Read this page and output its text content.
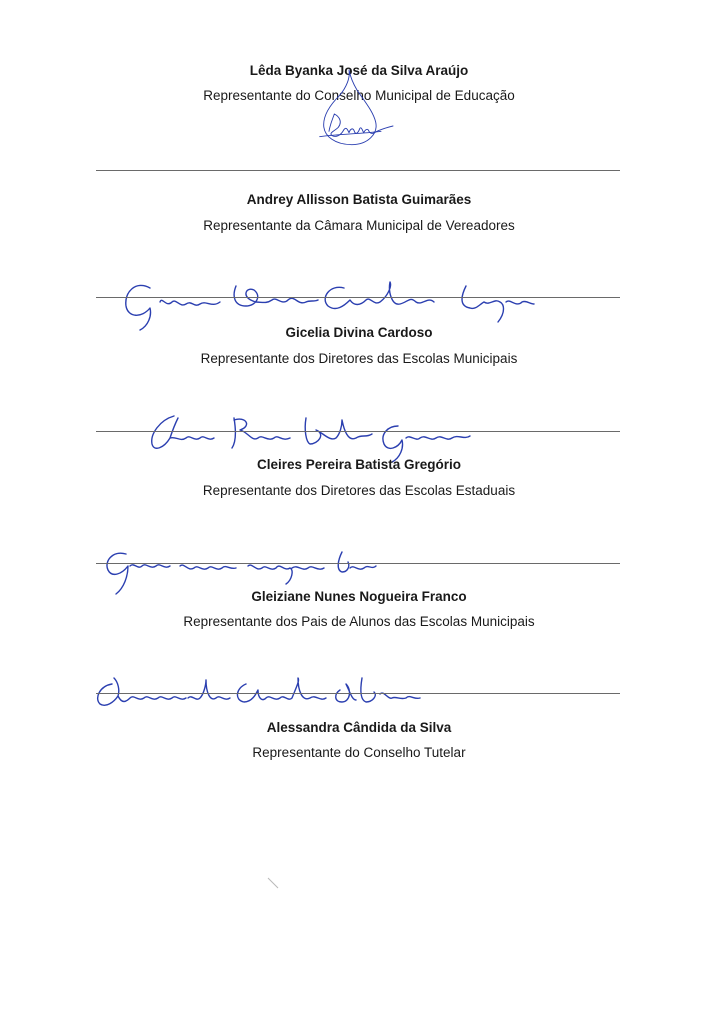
Lêda Byanka José da Silva Araújo
Representante do Conselho Municipal de Educação
Andrey Allisson Batista Guimarães
Representante da Câmara Municipal de Vereadores
Gicelia Divina Cardoso
Representante dos Diretores das Escolas Municipais
Cleires Pereira Batista Gregório
Representante dos Diretores das Escolas Estaduais
Gleiziane Nunes Nogueira Franco
Representante dos Pais de Alunos das Escolas Municipais
Alessandra Cândida da Silva
Representante do Conselho Tutelar
